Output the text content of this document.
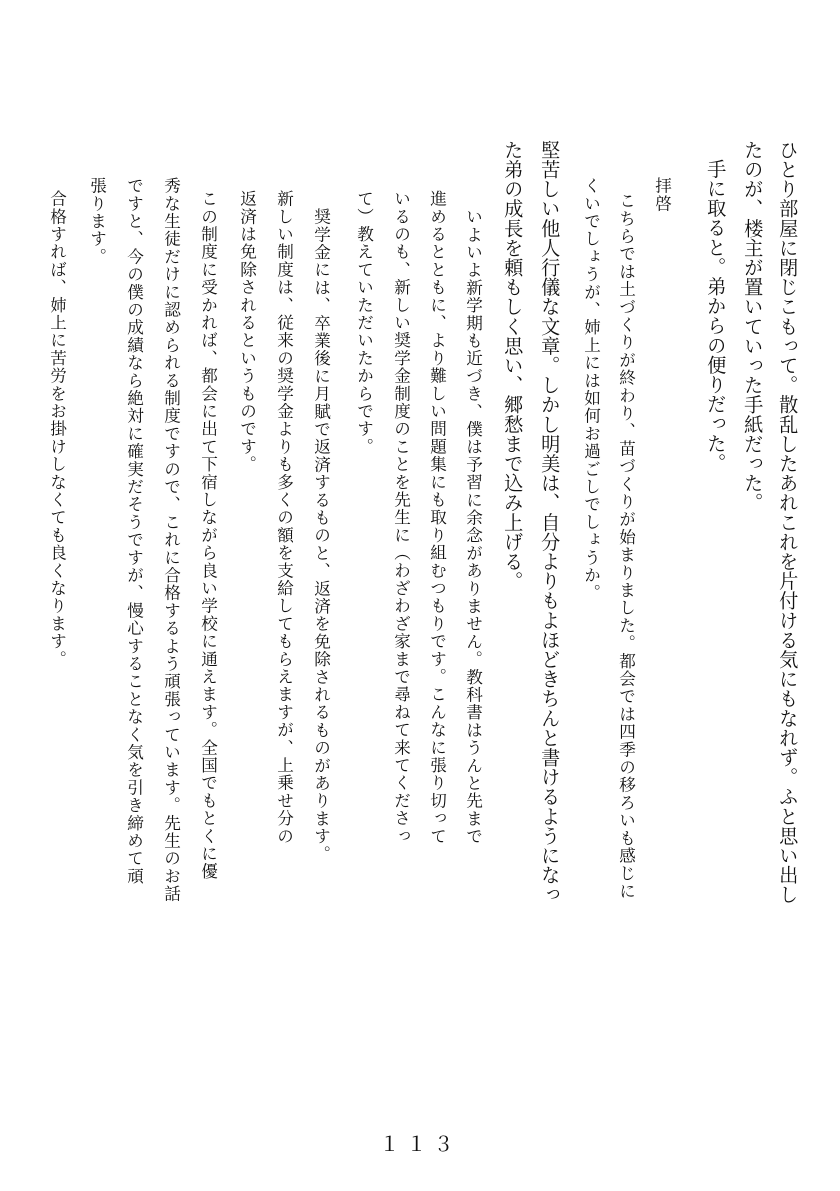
ひとり部屋に閉じこもって。散乱したあれこれを片付ける気にもなれず。ふと思い出し
たのが、楼主が置いていった手紙だった。
手に取ると。弟からの便りだった。
堅苦しい他人行儀な文章。しかし明美は、自分よりもよほどきちんと書けるようになっ
た弟の成長を頼もしく思い、郷愁まで込み上げる。	拝啓
こちらでは土づくりが終わり、苗づくりが始まりました。都会では四季の移ろいも感じに
くいでしょうが、姉上には如何お過ごしでしょうか。
いよいよ新学期も近づき、僕は予習に余念がありません。教科書はうんと先まで
進めるとともに、より難しい問題集にも取り組むつもりです。こんなに張り切って
いるのも、新しい奨学金制度のことを先生に（わざわざ家まで尋ねて来てくださっ
て）教えていただいたからです。
奨学金には、卒業後に月賦で返済するものと、返済を免除されるものがあります。
新しい制度は、従来の奨学金よりも多くの額を支給してもらえますが、上乗せ分の
返済は免除されるというものです。
この制度に受かれば、都会に出て下宿しながら良い学校に通えます。全国でもとくに優
秀な生徒だけに認められる制度ですので、これに合格するよう頑張っています。先生のお話
ですと、今の僕の成績なら絶対に確実だそうですが、慢心することなく気を引き締めて頑
張ります。
合格すれば、姉上に苦労をお掛けしなくても良くなります。
１１３
